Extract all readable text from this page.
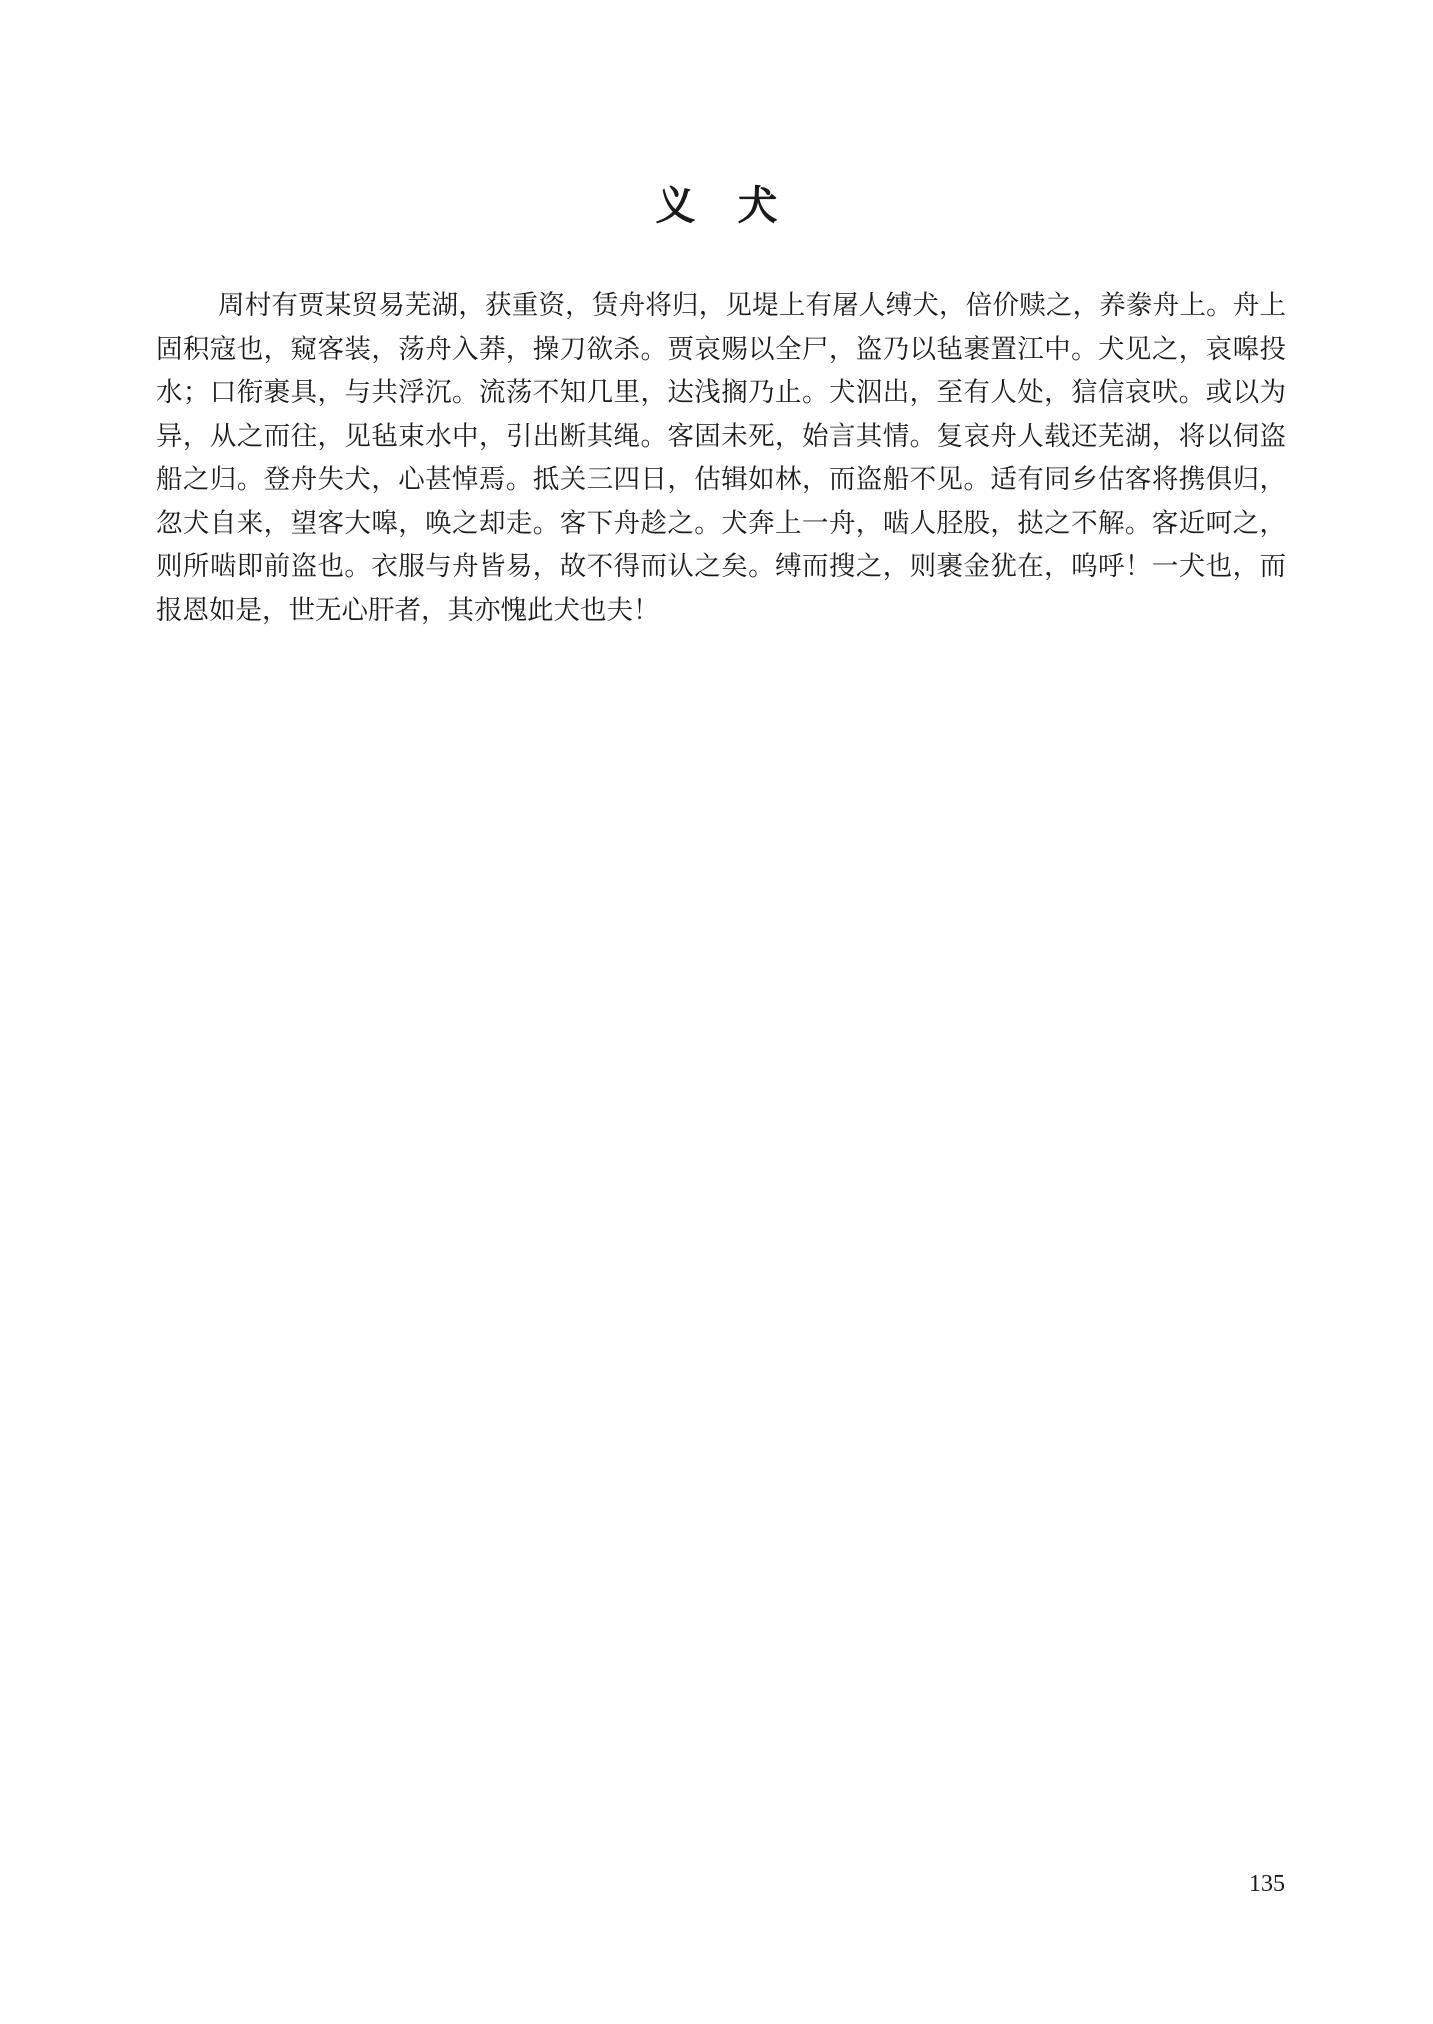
义犬

周村有贾某贸易芜湖，获重资，赁舟将归，见堤上有屠人缚犬，倍价赎之，养豢舟上。舟上固积寇也，窥客装，荡舟入莽，操刀欲杀。贾哀赐以全尸，盗乃以毡裹置江中。犬见之，哀嗥投水；口衔裹具，与共浮沉。流荡不知几里，达浅搁乃止。犬泅出，至有人处，狺信哀吠。或以为异，从之而往，见毡束水中，引出断其绳。客固未死，始言其情。复哀舟人载还芜湖，将以伺盗船之归。登舟失犬，心甚悼焉。抵关三四日，估辑如林，而盗船不见。适有同乡估客将携俱归，忽犬自来，望客大嗥，唤之却走。客下舟趁之。犬奔上一舟，啮人胫股，挞之不解。客近呵之，则所啮即前盗也。衣服与舟皆易，故不得而认之矣。缚而搜之，则裹金犹在，呜呼！一犬也，而报恩如是，世无心肝者，其亦愧此犬也夫！

135
